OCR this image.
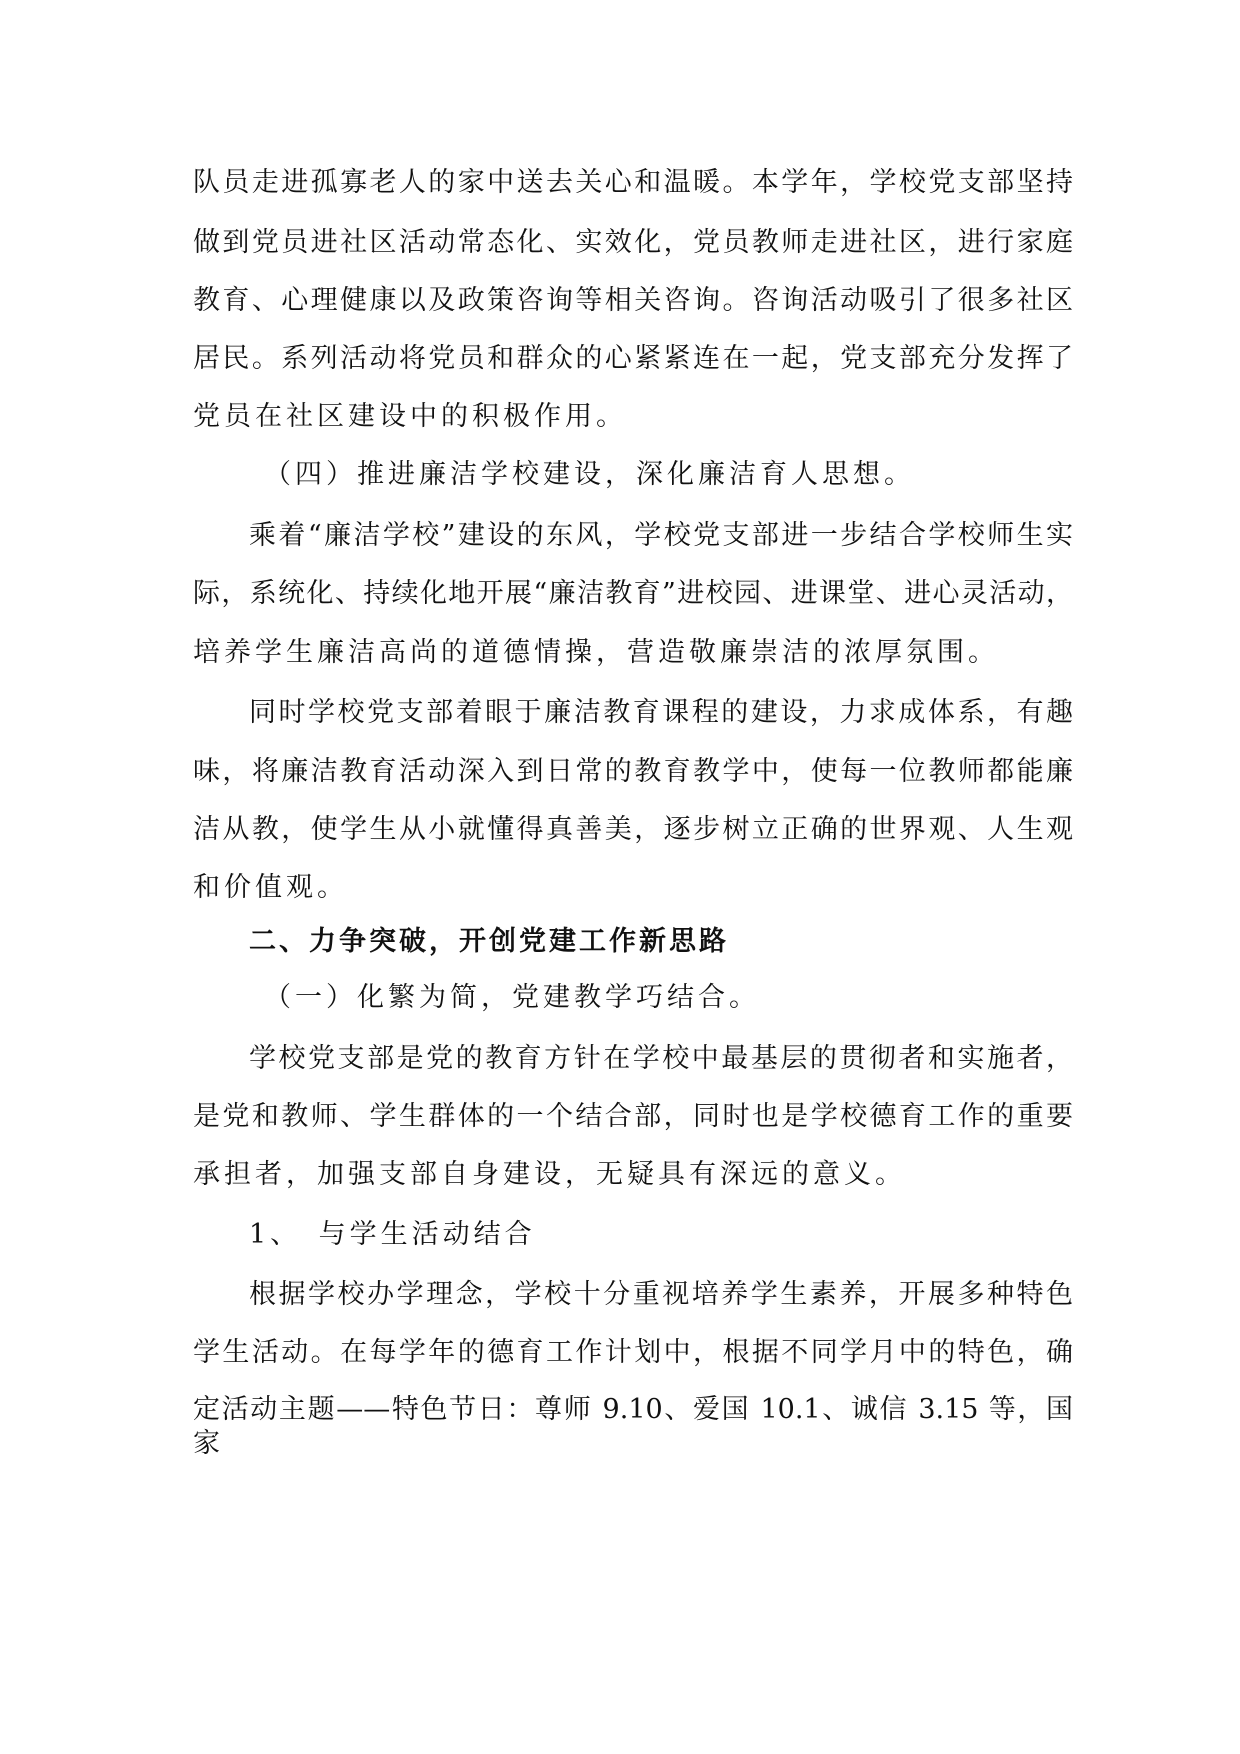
队员走进孤寡老人的家中送去关心和温暖。本学年，学校党支部坚持
做到党员进社区活动常态化、实效化，党员教师走进社区，进行家庭
教育、心理健康以及政策咨询等相关咨询。咨询活动吸引了很多社区
居民。系列活动将党员和群众的心紧紧连在一起，党支部充分发挥了
党员在社区建设中的积极作用。
（四）推进廉洁学校建设，深化廉洁育人思想。
乘着“廉洁学校”建设的东风，学校党支部进一步结合学校师生实
际，系统化、持续化地开展“廉洁教育”进校园、进课堂、进心灵活动，
培养学生廉洁高尚的道德情操，营造敬廉崇洁的浓厚氛围。
同时学校党支部着眼于廉洁教育课程的建设，力求成体系，有趣
味，将廉洁教育活动深入到日常的教育教学中，使每一位教师都能廉
洁从教，使学生从小就懂得真善美，逐步树立正确的世界观、人生观
和价值观。
二、力争突破，开创党建工作新思路
（一）化繁为简，党建教学巧结合。
学校党支部是党的教育方针在学校中最基层的贯彻者和实施者，
是党和教师、学生群体的一个结合部，同时也是学校德育工作的重要
承担者，加强支部自身建设，无疑具有深远的意义。
1、　与学生活动结合
根据学校办学理念，学校十分重视培养学生素养，开展多种特色
学生活动。在每学年的德育工作计划中，根据不同学月中的特色，确
定活动主题——特色节日：尊师 9.10、爱国 10.1、诚信 3.15 等，国
家
